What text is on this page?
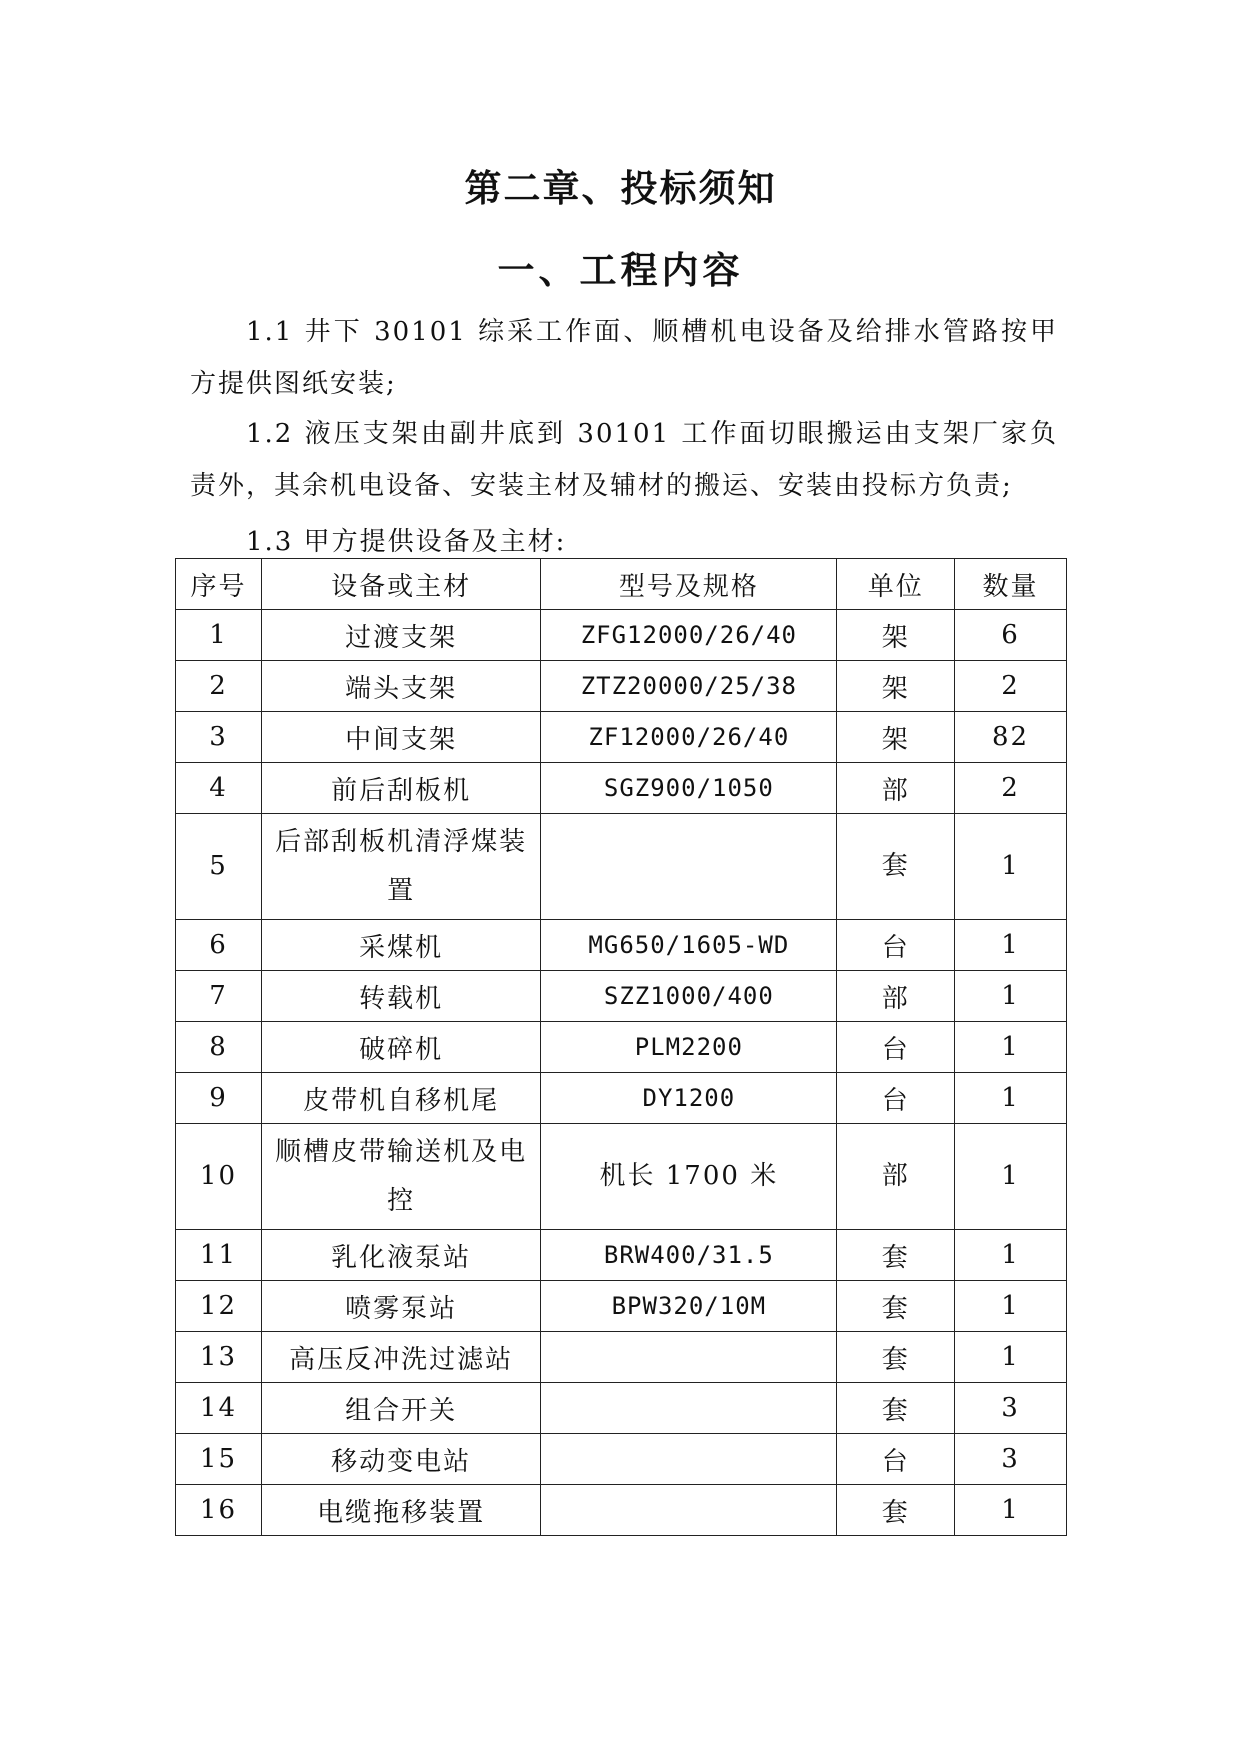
第二章、投标须知
一、工程内容
1.1 井下 30101 综采工作面、顺槽机电设备及给排水管路按甲方提供图纸安装;
1.2 液压支架由副井底到 30101 工作面切眼搬运由支架厂家负责外，其余机电设备、安装主材及辅材的搬运、安装由投标方负责;
1.3 甲方提供设备及主材:
序号	设备或主材	型号及规格	单位	数量
1	过渡支架	ZFG12000/26/40	架	6
2	端头支架	ZTZ20000/25/38	架	2
3	中间支架	ZF12000/26/40	架	82
4	前后刮板机	SGZ900/1050	部	2
5	后部刮板机清浮煤装置		套	1
6	采煤机	MG650/1605-WD	台	1
7	转载机	SZZ1000/400	部	1
8	破碎机	PLM2200	台	1
9	皮带机自移机尾	DY1200	台	1
10	顺槽皮带输送机及电控	机长 1700 米	部	1
11	乳化液泵站	BRW400/31.5	套	1
12	喷雾泵站	BPW320/10M	套	1
13	高压反冲洗过滤站		套	1
14	组合开关		套	3
15	移动变电站		台	3
16	电缆拖移装置		套	1
